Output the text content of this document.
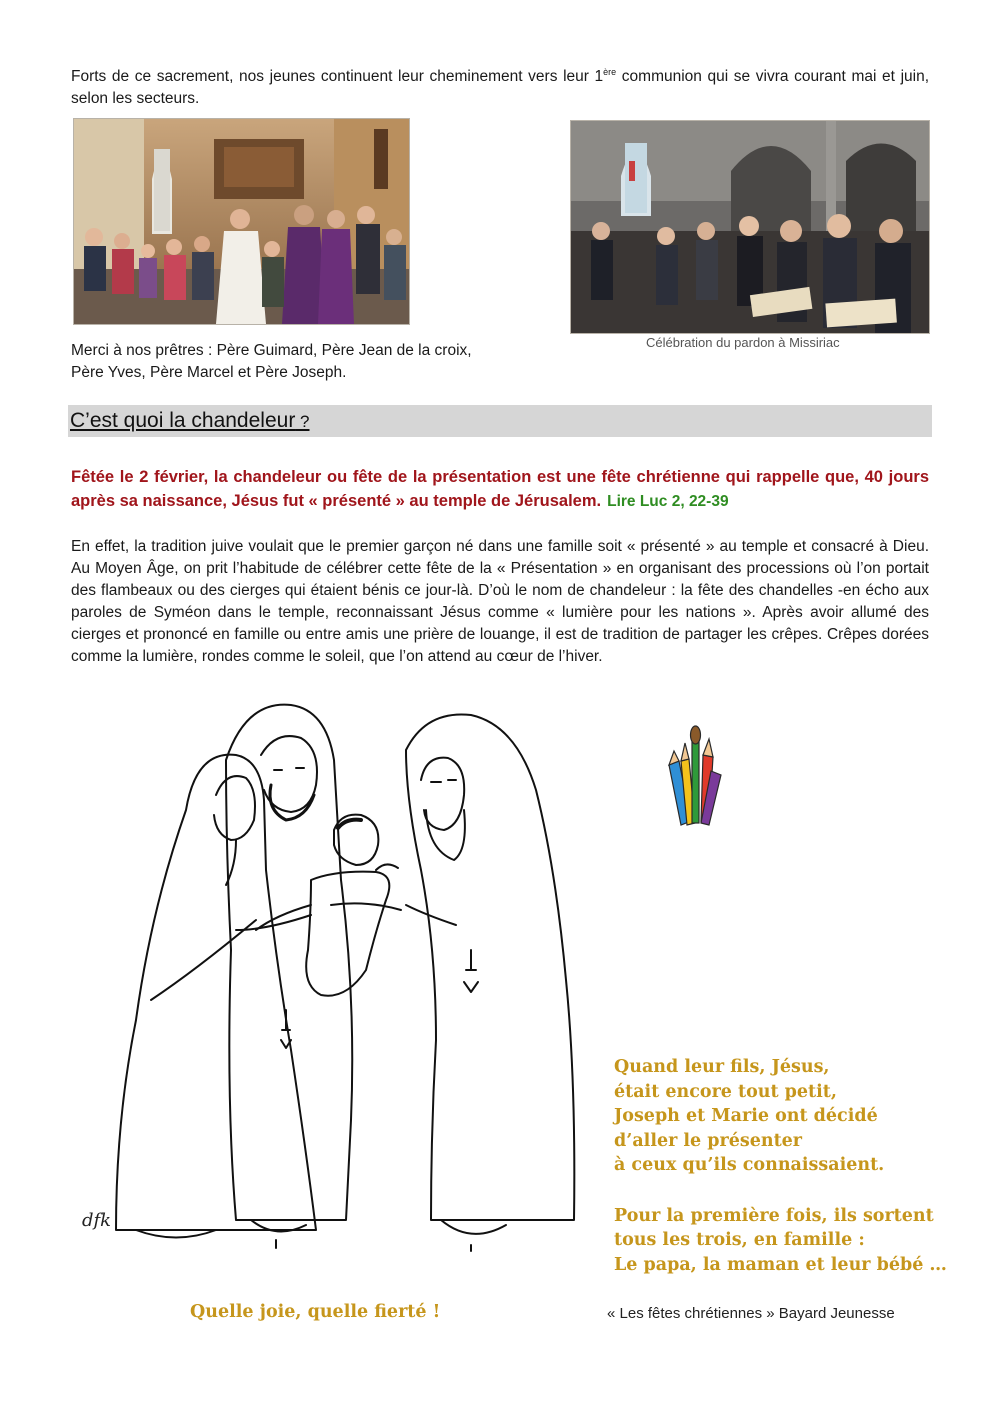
Forts de ce sacrement, nos jeunes continuent leur cheminement vers leur 1ère communion qui se vivra courant mai et juin, selon les secteurs.
Célébration du pardon à Missiriac
Merci à nos prêtres : Père Guimard, Père Jean de la croix,
Père Yves, Père Marcel et Père Joseph.
C’est quoi la chandeleur ?
Fêtée le 2 février, la chandeleur ou fête de la présentation est une fête chrétienne qui rappelle que, 40 jours après sa naissance, Jésus fut « présenté » au temple de Jérusalem. Lire Luc 2, 22-39
En effet, la tradition juive voulait que le premier garçon né dans une famille soit « présenté » au temple et consacré à Dieu. Au Moyen Âge, on prit l’habitude de célébrer cette fête de la « Présentation » en organisant des processions où l’on portait des flambeaux ou des cierges qui étaient bénis ce jour-là. D’où le nom de chandeleur : la fête des chandelles -en écho aux paroles de Syméon dans le temple, reconnaissant Jésus comme « lumière pour les nations ». Après avoir allumé des cierges et prononcé en famille ou entre amis une prière de louange, il est de tradition de partager les crêpes. Crêpes dorées comme la lumière, rondes comme le soleil, que l’on attend au cœur de l’hiver.
dfk
Quand leur fils, Jésus,
était encore tout petit,
Joseph et Marie ont décidé
d’aller le présenter
à ceux qu’ils connaissaient.
Pour la première fois, ils sortent
tous les trois, en famille :
Le papa, la maman et leur bébé …
Quelle joie, quelle fierté !	« Les fêtes chrétiennes » Bayard Jeunesse
